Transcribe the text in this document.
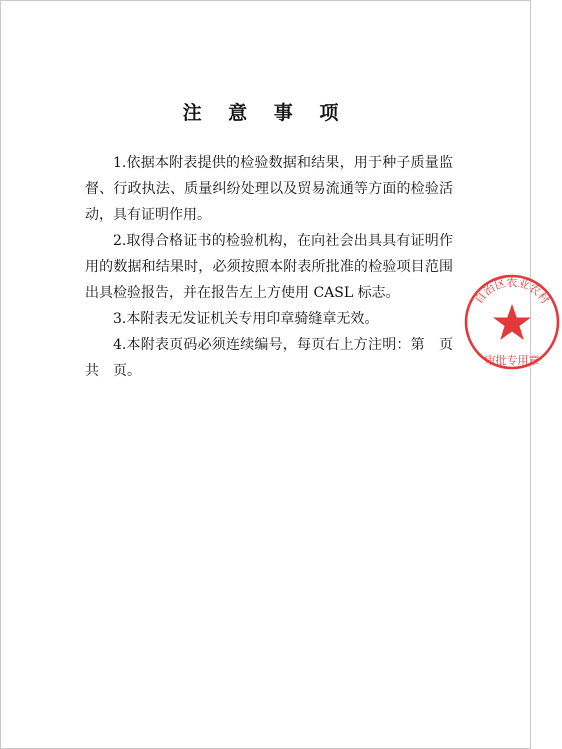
注 意 事 项

1.依据本附表提供的检验数据和结果，用于种子质量监督、行政执法、质量纠纷处理以及贸易流通等方面的检验活动，具有证明作用。

2.取得合格证书的检验机构，在向社会出具具有证明作用的数据和结果时，必须按照本附表所批准的检验项目范围出具检验报告，并在报告左上方使用 CASL 标志。

3.本附表无发证机关专用印章骑缝章无效。

4.本附表页码必须连续编号，每页右上方注明：第　页　共　页。

自治区农业农村
审批专用章
